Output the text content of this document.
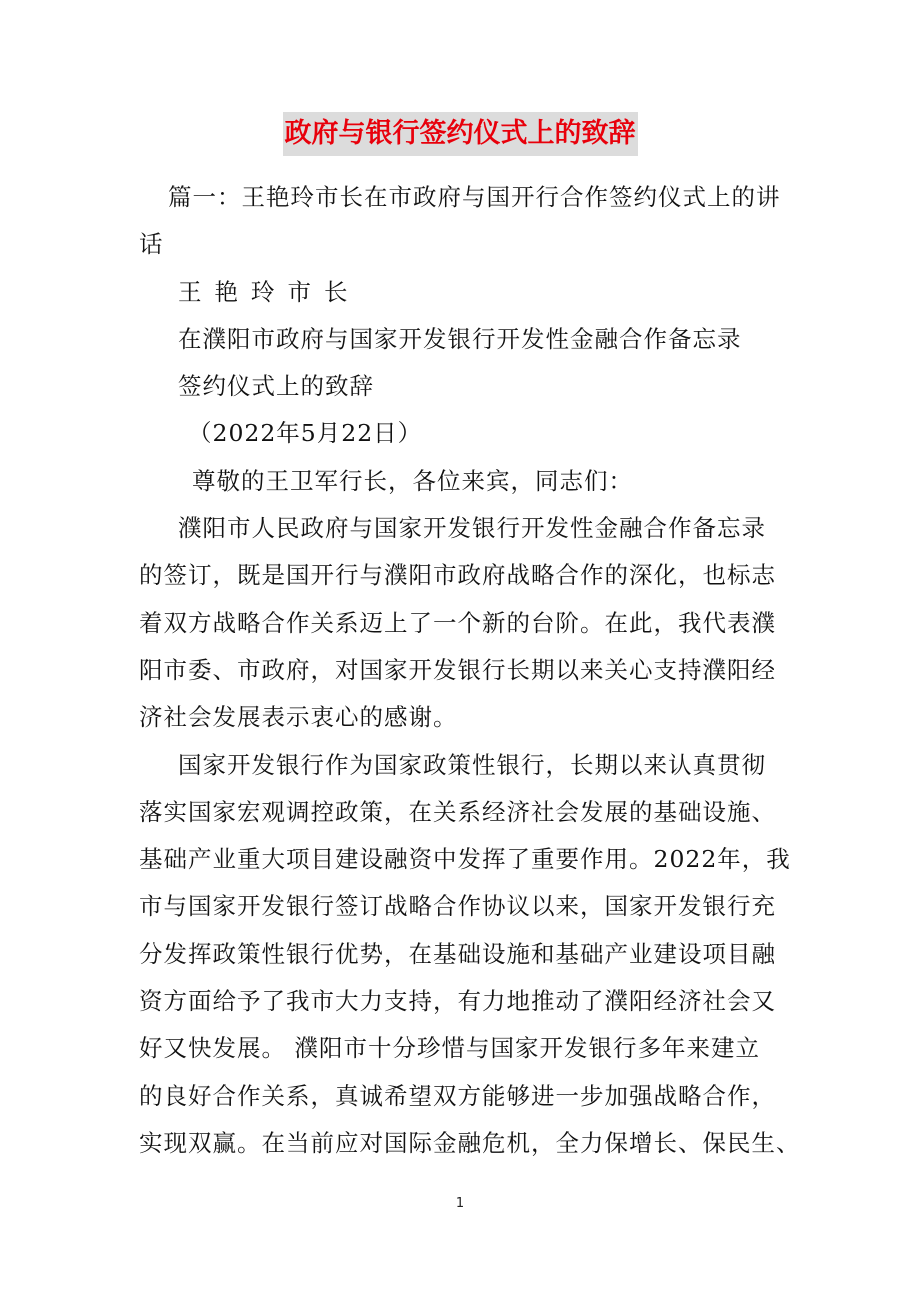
政府与银行签约仪式上的致辞
篇一：王艳玲市长在市政府与国开行合作签约仪式上的讲
话
王艳玲市长
在濮阳市政府与国家开发银行开发性金融合作备忘录
签约仪式上的致辞
（2022年5月22日）
尊敬的王卫军行长，各位来宾，同志们：
濮阳市人民政府与国家开发银行开发性金融合作备忘录
的签订，既是国开行与濮阳市政府战略合作的深化，也标志
着双方战略合作关系迈上了一个新的台阶。在此，我代表濮
阳市委、市政府，对国家开发银行长期以来关心支持濮阳经
济社会发展表示衷心的感谢。
国家开发银行作为国家政策性银行，长期以来认真贯彻
落实国家宏观调控政策，在关系经济社会发展的基础设施、
基础产业重大项目建设融资中发挥了重要作用。2022年，我
市与国家开发银行签订战略合作协议以来，国家开发银行充
分发挥政策性银行优势，在基础设施和基础产业建设项目融
资方面给予了我市大力支持，有力地推动了濮阳经济社会又
好又快发展。 濮阳市十分珍惜与国家开发银行多年来建立
的良好合作关系，真诚希望双方能够进一步加强战略合作，
实现双赢。在当前应对国际金融危机，全力保增长、保民生、
1
